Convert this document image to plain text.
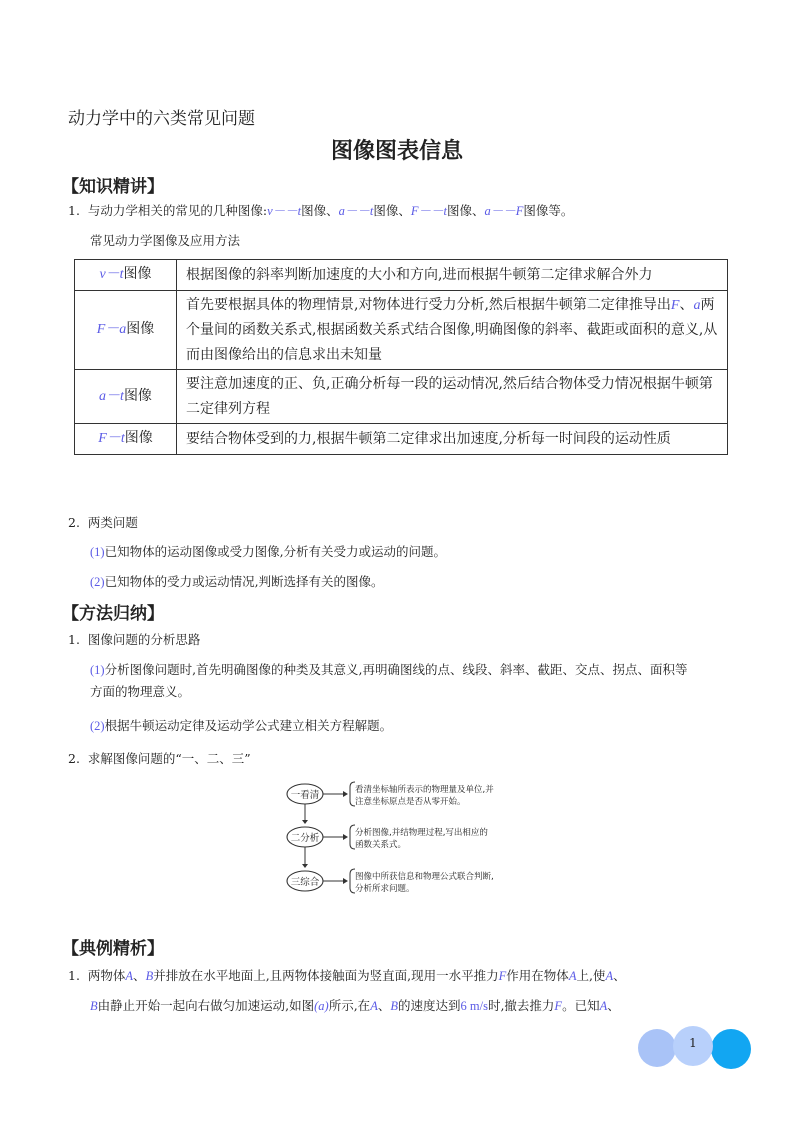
动力学中的六类常见问题
图像图表信息
【知识精讲】
1. 与动力学相关的常见的几种图像:v－－t图像、a－－t图像、F－－t图像、a－－F图像等。
常见动力学图像及应用方法
v－t图像	根据图像的斜率判断加速度的大小和方向,进而根据牛顿第二定律求解合外力
F－a图像	首先要根据具体的物理情景,对物体进行受力分析,然后根据牛顿第二定律推导出F、a两个量间的函数关系式,根据函数关系式结合图像,明确图像的斜率、截距或面积的意义,从而由图像给出的信息求出未知量
a－t图像	要注意加速度的正、负,正确分析每一段的运动情况,然后结合物体受力情况根据牛顿第二定律列方程
F－t图像	要结合物体受到的力,根据牛顿第二定律求出加速度,分析每一时间段的运动性质
2. 两类问题
(1)已知物体的运动图像或受力图像,分析有关受力或运动的问题。
(2)已知物体的受力或运动情况,判断选择有关的图像。
【方法归纳】
1. 图像问题的分析思路
(1)分析图像问题时,首先明确图像的种类及其意义,再明确图线的点、线段、斜率、截距、交点、拐点、面积等
方面的物理意义。
(2)根据牛顿运动定律及运动学公式建立相关方程解题。
2. 求解图像问题的“一、二、三”
一看清	看清坐标轴所表示的物理量及单位,并
注意坐标原点是否从零开始。
二分析	分析图像,并结物理过程,写出相应的
函数关系式。
三综合	图像中所获信息和物理公式联合判断,
分析所求问题。
【典例精析】
1. 两物体A、B并排放在水平地面上,且两物体接触面为竖直面,现用一水平推力F作用在物体A上,使A、
B由静止开始一起向右做匀加速运动,如图(a)所示,在A、B的速度达到6 m/s时,撤去推力F。已知A、
1
